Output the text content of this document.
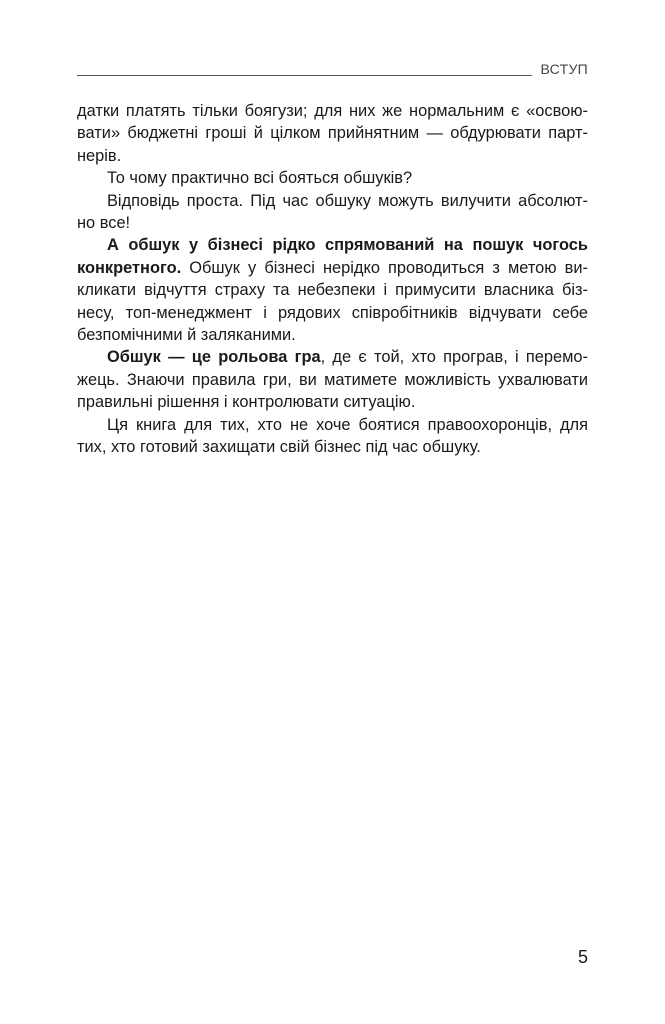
ВСТУП
датки платять тільки боягузи; для них же нормальним є «освою-
вати» бюджетні гроші й цілком прийнятним — обдурювати парт-
нерів.
То чому практично всі бояться обшуків?
Відповідь проста. Під час обшуку можуть вилучити абсолют-
но все!
А обшук у бізнесі рідко спрямований на пошук чогось
конкретного. Обшук у бізнесі нерідко проводиться з метою ви-
кликати відчуття страху та небезпеки і примусити власника біз-
несу, топ-менеджмент і рядових співробітників відчувати себе
безпомічними й заляканими.
Обшук — це рольова гра, де є той, хто програв, і перемо-
жець. Знаючи правила гри, ви матимете можливість ухвалювати
правильні рішення і контролювати ситуацію.
Ця книга для тих, хто не хоче боятися правоохоронців, для
тих, хто готовий захищати свій бізнес під час обшуку.
5
